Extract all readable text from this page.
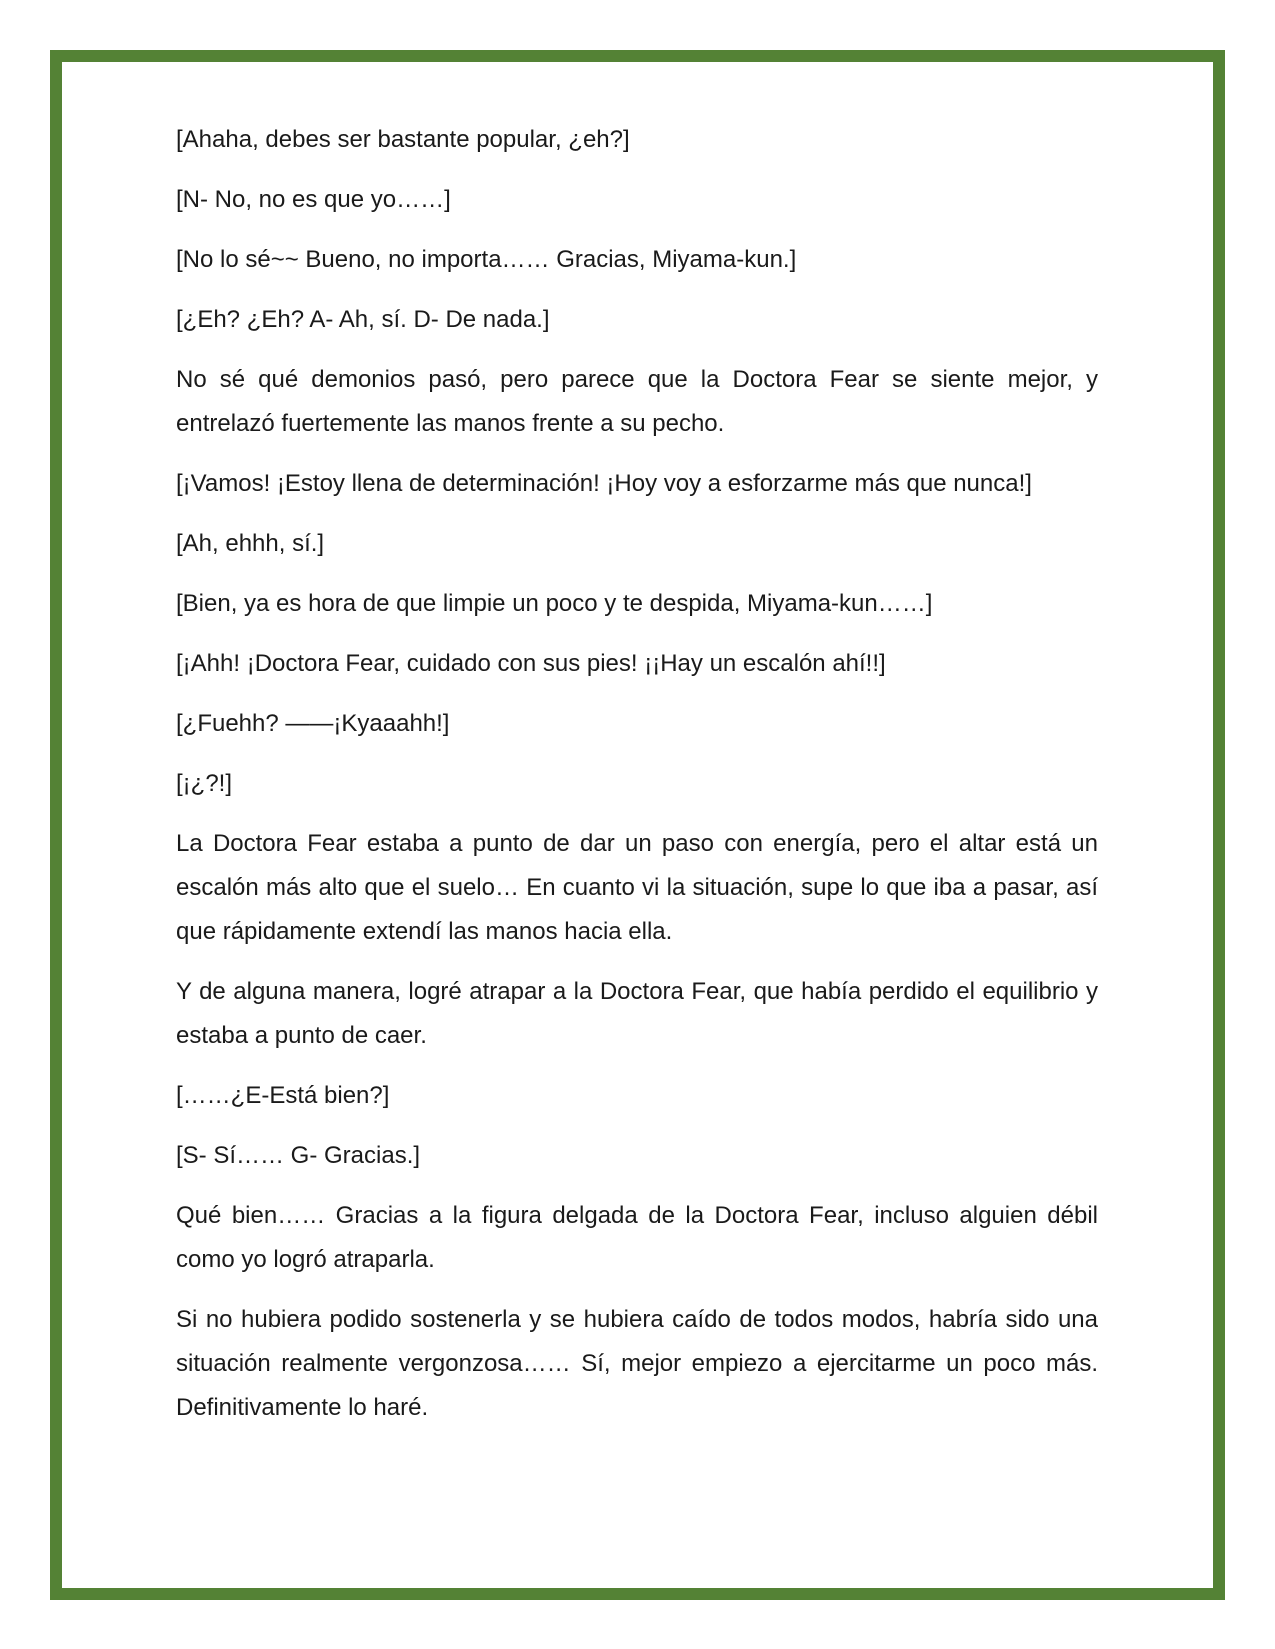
[Ahaha, debes ser bastante popular, ¿eh?]

[N- No, no es que yo……]

[No lo sé~~ Bueno, no importa…… Gracias, Miyama-kun.]

[¿Eh? ¿Eh? A- Ah, sí. D- De nada.]

No sé qué demonios pasó, pero parece que la Doctora Fear se siente mejor, y entrelazó fuertemente las manos frente a su pecho.

[¡Vamos! ¡Estoy llena de determinación! ¡Hoy voy a esforzarme más que nunca!]

[Ah, ehhh, sí.]

[Bien, ya es hora de que limpie un poco y te despida, Miyama-kun……]

[¡Ahh! ¡Doctora Fear, cuidado con sus pies! ¡¡Hay un escalón ahí!!]

[¿Fuehh? ——¡Kyaaahh!]

[¡¿?!]

La Doctora Fear estaba a punto de dar un paso con energía, pero el altar está un escalón más alto que el suelo… En cuanto vi la situación, supe lo que iba a pasar, así que rápidamente extendí las manos hacia ella.

Y de alguna manera, logré atrapar a la Doctora Fear, que había perdido el equilibrio y estaba a punto de caer.

[……¿E-Está bien?]

[S- Sí…… G- Gracias.]

Qué bien…… Gracias a la figura delgada de la Doctora Fear, incluso alguien débil como yo logró atraparla.

Si no hubiera podido sostenerla y se hubiera caído de todos modos, habría sido una situación realmente vergonzosa…… Sí, mejor empiezo a ejercitarme un poco más. Definitivamente lo haré.
